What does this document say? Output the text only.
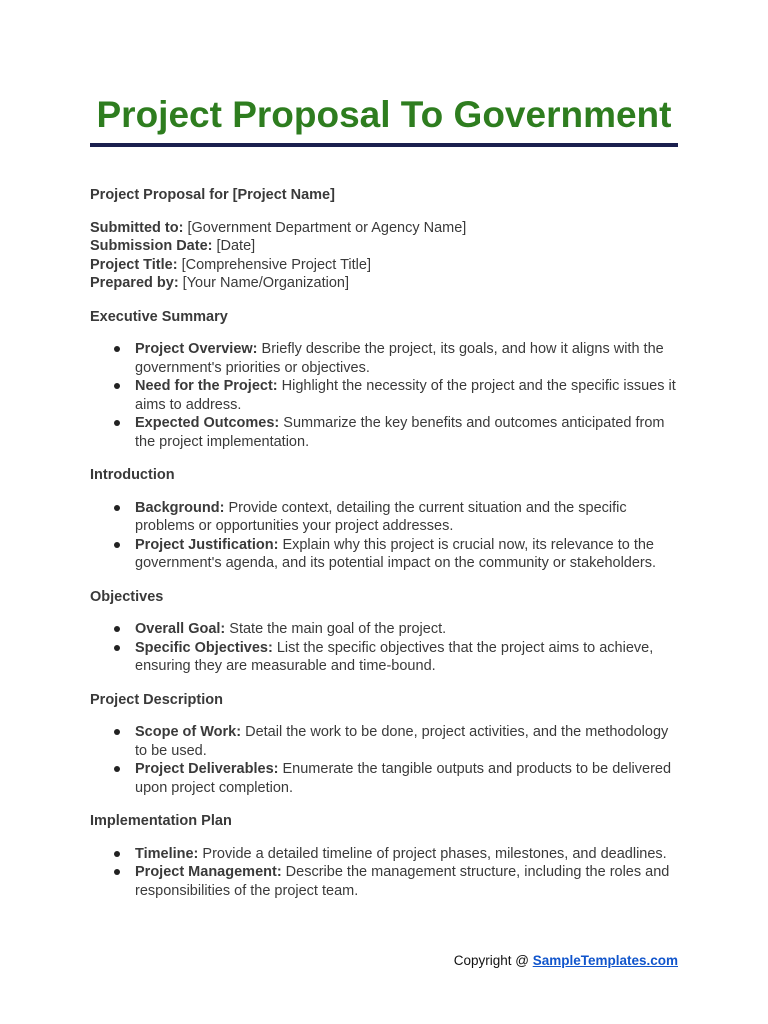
Project Proposal To Government

Project Proposal for [Project Name]

Submitted to: [Government Department or Agency Name]

Submission Date: [Date]

Project Title: [Comprehensive Project Title]

Prepared by: [Your Name/Organization]

Executive Summary

Project Overview: Briefly describe the project, its goals, and how it aligns with the government's priorities or objectives.
Need for the Project: Highlight the necessity of the project and the specific issues it aims to address.
Expected Outcomes: Summarize the key benefits and outcomes anticipated from the project implementation.

Introduction

Background: Provide context, detailing the current situation and the specific problems or opportunities your project addresses.
Project Justification: Explain why this project is crucial now, its relevance to the government's agenda, and its potential impact on the community or stakeholders.

Objectives

Overall Goal: State the main goal of the project.
Specific Objectives: List the specific objectives that the project aims to achieve, ensuring they are measurable and time-bound.

Project Description

Scope of Work: Detail the work to be done, project activities, and the methodology to be used.
Project Deliverables: Enumerate the tangible outputs and products to be delivered upon project completion.

Implementation Plan

Timeline: Provide a detailed timeline of project phases, milestones, and deadlines.
Project Management: Describe the management structure, including the roles and responsibilities of the project team.
Copyright @ SampleTemplates.com
